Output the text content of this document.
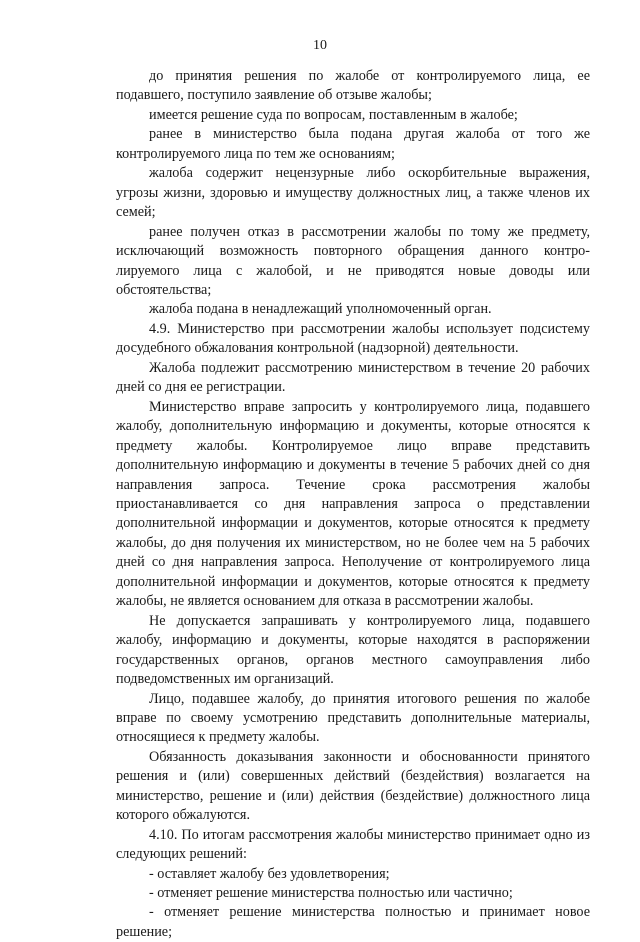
10

до принятия решения по жалобе от контролируемого лица, ее подавшего, поступило заявление об отзыве жалобы;

имеется решение суда по вопросам, поставленным в жалобе;

ранее в министерство была подана другая жалоба от того же контролируемого лица по тем же основаниям;

жалоба содержит нецензурные либо оскорбительные выражения, угрозы жизни, здоровью и имуществу должностных лиц, а также членов их семей;

ранее получен отказ в рассмотрении жалобы по тому же предмету, исключающий возможность повторного обращения данного контро-лируемого лица с жалобой, и не приводятся новые доводы или обстоятельства;

жалоба подана в ненадлежащий уполномоченный орган.

4.9. Министерство при рассмотрении жалобы использует подсистему досудебного обжалования контрольной (надзорной) деятельности.

Жалоба подлежит рассмотрению министерством в течение 20 рабочих дней со дня ее регистрации.

Министерство вправе запросить у контролируемого лица, подавшего жалобу, дополнительную информацию и документы, которые относятся к предмету жалобы. Контролируемое лицо вправе представить дополнительную информацию и документы в течение 5 рабочих дней со дня направления запроса. Течение срока рассмотрения жалобы приостанавливается со дня направления запроса о представлении дополнительной информации и документов, которые относятся к предмету жалобы, до дня получения их министерством, но не более чем на 5 рабочих дней со дня направления запроса. Неполучение от контролируемого лица дополнительной информации и документов, которые относятся к предмету жалобы, не является основанием для отказа в рассмотрении жалобы.

Не допускается запрашивать у контролируемого лица, подавшего жалобу, информацию и документы, которые находятся в распоряжении государственных органов, органов местного самоуправления либо подведомственных им организаций.

Лицо, подавшее жалобу, до принятия итогового решения по жалобе вправе по своему усмотрению представить дополнительные материалы, относящиеся к предмету жалобы.

Обязанность доказывания законности и обоснованности принятого решения и (или) совершенных действий (бездействия) возлагается на министерство, решение и (или) действия (бездействие) должностного лица которого обжалуются.

4.10. По итогам рассмотрения жалобы министерство принимает одно из следующих решений:

- оставляет жалобу без удовлетворения;

- отменяет решение министерства полностью или частично;

- отменяет решение министерства полностью и принимает новое решение;
